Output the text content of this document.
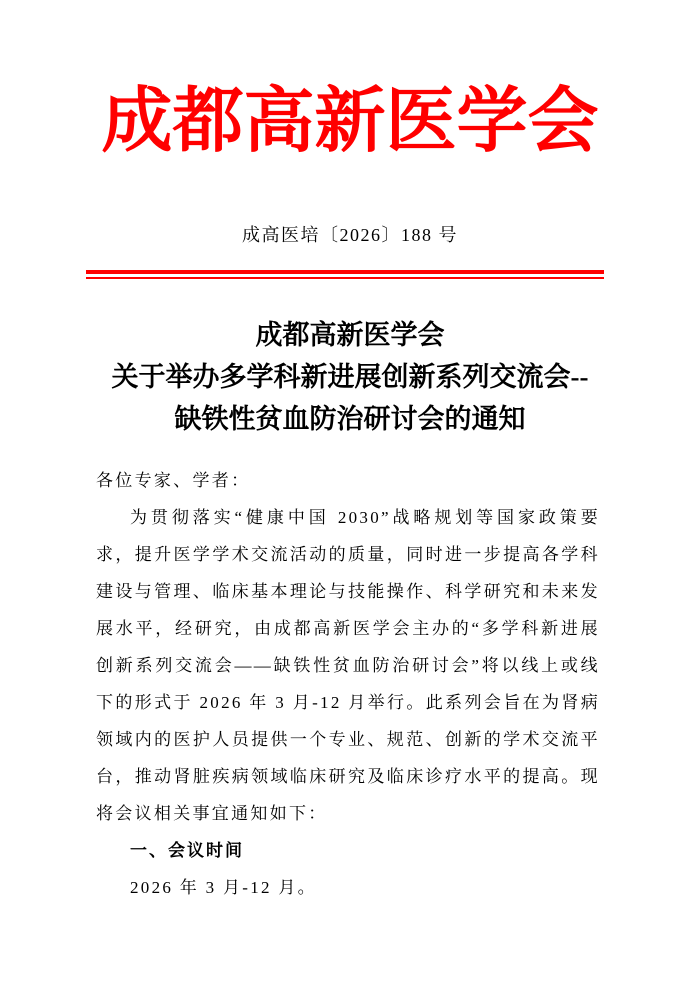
成都高新医学会
成高医培〔2026〕188 号
成都高新医学会
关于举办多学科新进展创新系列交流会--
缺铁性贫血防治研讨会的通知

各位专家、学者：

为贯彻落实“健康中国 2030”战略规划等国家政策要求，提升医学学术交流活动的质量，同时进一步提高各学科建设与管理、临床基本理论与技能操作、科学研究和未来发展水平，经研究，由成都高新医学会主办的“多学科新进展创新系列交流会——缺铁性贫血防治研讨会”将以线上或线下的形式于 2026 年 3 月-12 月举行。此系列会旨在为肾病领域内的医护人员提供一个专业、规范、创新的学术交流平台，推动肾脏疾病领域临床研究及临床诊疗水平的提高。现将会议相关事宜通知如下：

一、会议时间

2026 年 3 月-12 月。
